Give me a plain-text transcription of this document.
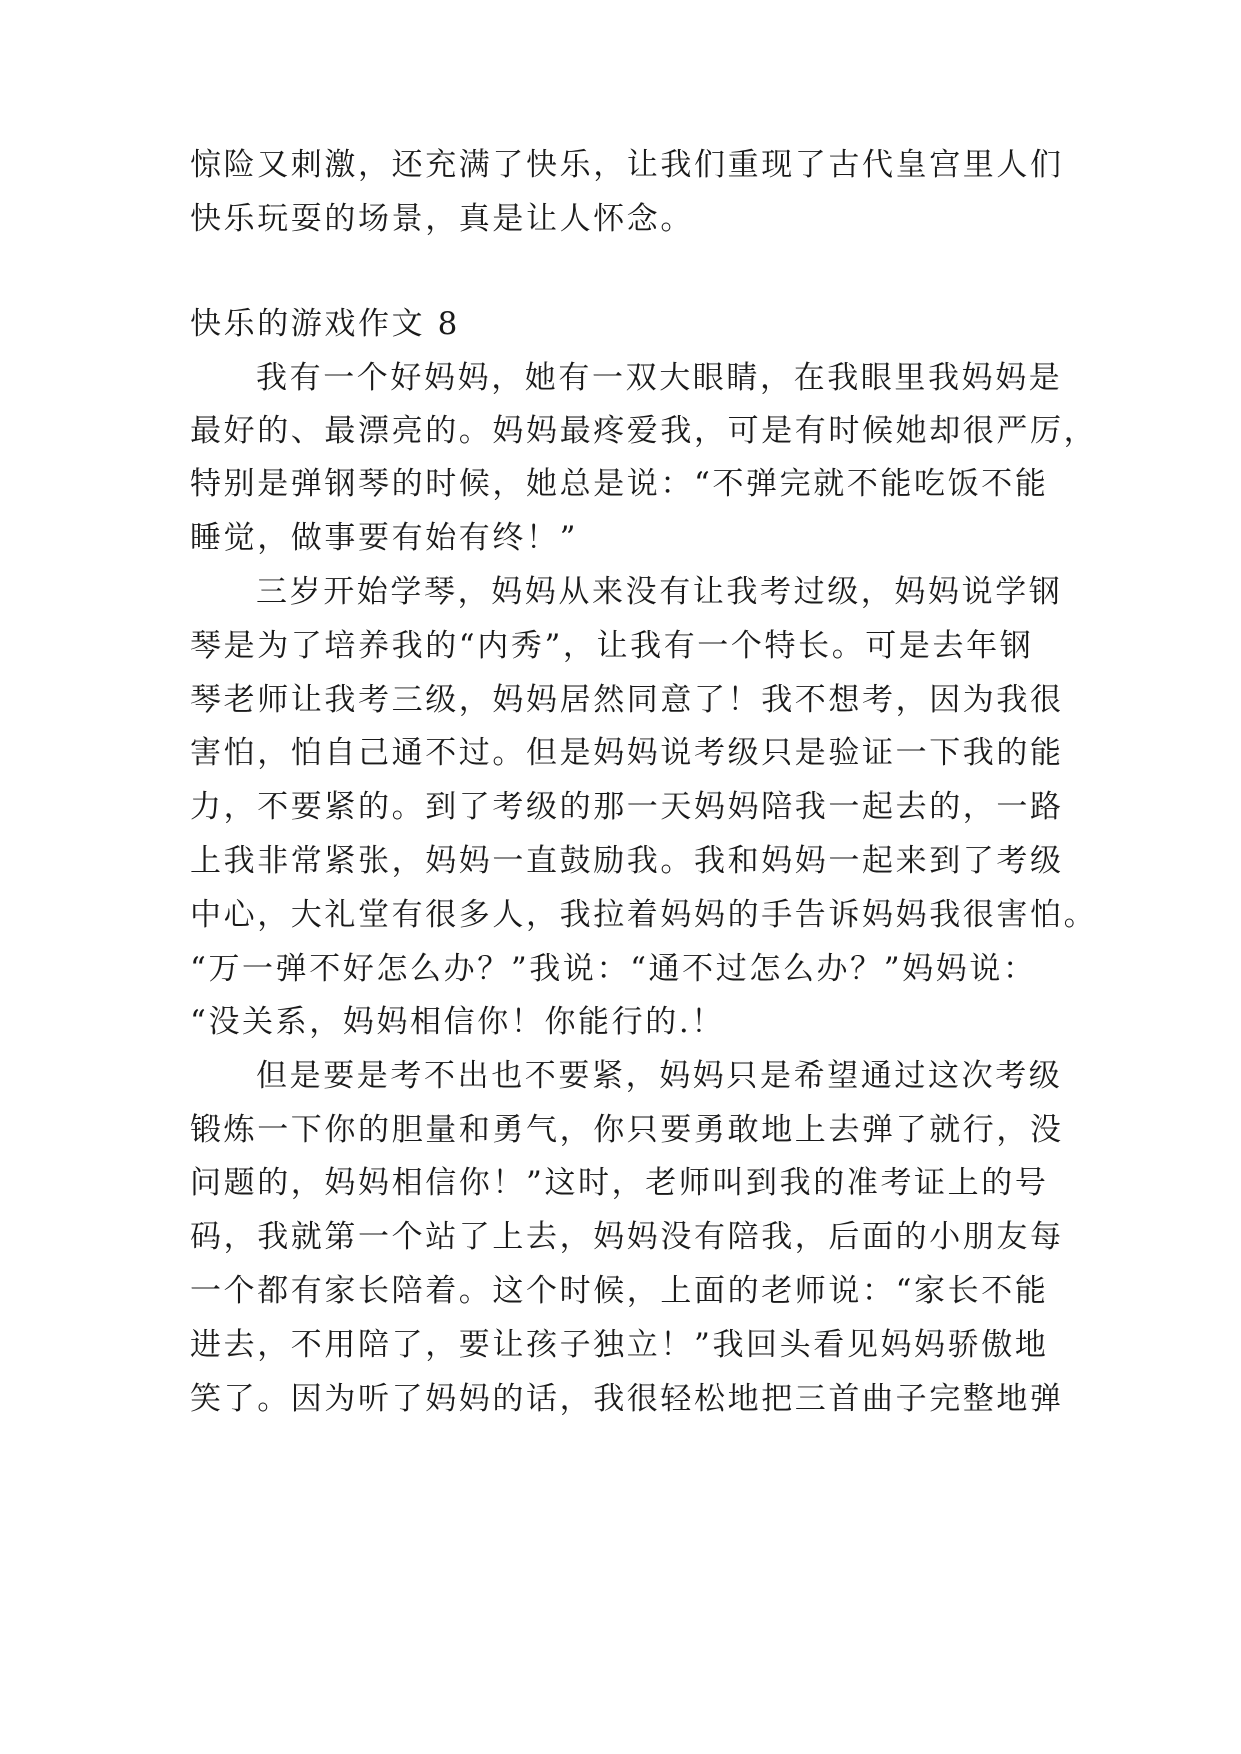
惊险又刺激，还充满了快乐，让我们重现了古代皇宫里人们
快乐玩耍的场景，真是让人怀念。
快乐的游戏作文 8
我有一个好妈妈，她有一双大眼睛，在我眼里我妈妈是
最好的、最漂亮的。妈妈最疼爱我，可是有时候她却很严厉，
特别是弹钢琴的时候，她总是说：“不弹完就不能吃饭不能
睡觉，做事要有始有终！”
三岁开始学琴，妈妈从来没有让我考过级，妈妈说学钢
琴是为了培养我的“内秀”，让我有一个特长。可是去年钢
琴老师让我考三级，妈妈居然同意了！我不想考，因为我很
害怕，怕自己通不过。但是妈妈说考级只是验证一下我的能
力，不要紧的。到了考级的那一天妈妈陪我一起去的，一路
上我非常紧张，妈妈一直鼓励我。我和妈妈一起来到了考级
中心，大礼堂有很多人，我拉着妈妈的手告诉妈妈我很害怕。
“万一弹不好怎么办？”我说：“通不过怎么办？”妈妈说：
“没关系，妈妈相信你！你能行的.！
但是要是考不出也不要紧，妈妈只是希望通过这次考级
锻炼一下你的胆量和勇气，你只要勇敢地上去弹了就行，没
问题的，妈妈相信你！”这时，老师叫到我的准考证上的号
码，我就第一个站了上去，妈妈没有陪我，后面的小朋友每
一个都有家长陪着。这个时候，上面的老师说：“家长不能
进去，不用陪了，要让孩子独立！”我回头看见妈妈骄傲地
笑了。因为听了妈妈的话，我很轻松地把三首曲子完整地弹
